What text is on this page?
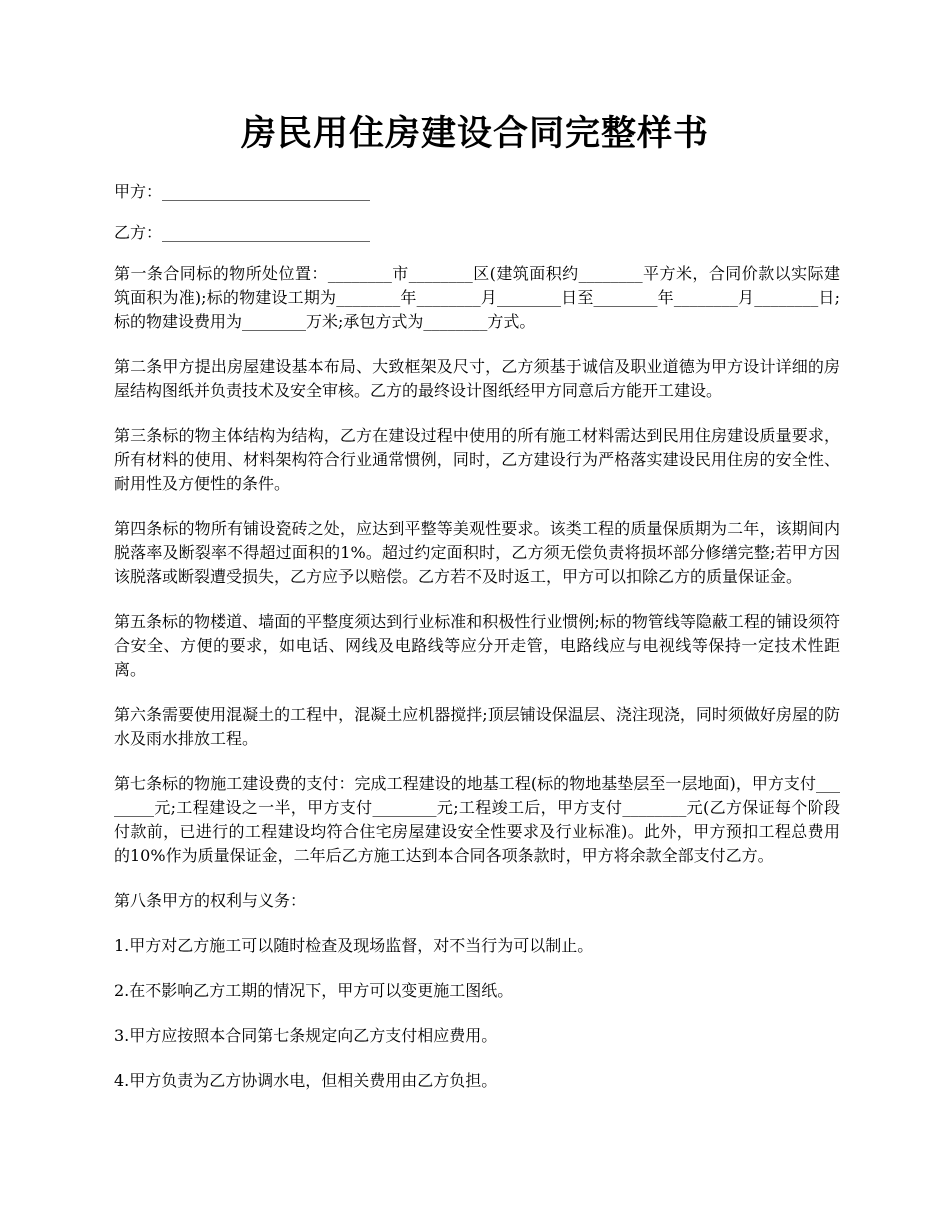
房民用住房建设合同完整样书

甲方：__________________________

乙方：__________________________

第一条合同标的物所处位置：________市________区(建筑面积约________平方米，合同价款以实际建筑面积为准);标的物建设工期为________年________月________日至________年________月________日;标的物建设费用为________万米;承包方式为________方式。

第二条甲方提出房屋建设基本布局、大致框架及尺寸，乙方须基于诚信及职业道德为甲方设计详细的房屋结构图纸并负责技术及安全审核。乙方的最终设计图纸经甲方同意后方能开工建设。

第三条标的物主体结构为结构，乙方在建设过程中使用的所有施工材料需达到民用住房建设质量要求，所有材料的使用、材料架构符合行业通常惯例，同时，乙方建设行为严格落实建设民用住房的安全性、耐用性及方便性的条件。

第四条标的物所有铺设瓷砖之处，应达到平整等美观性要求。该类工程的质量保质期为二年，该期间内脱落率及断裂率不得超过面积的1%。超过约定面积时，乙方须无偿负责将损坏部分修缮完整;若甲方因该脱落或断裂遭受损失，乙方应予以赔偿。乙方若不及时返工，甲方可以扣除乙方的质量保证金。

第五条标的物楼道、墙面的平整度须达到行业标准和积极性行业惯例;标的物管线等隐蔽工程的铺设须符合安全、方便的要求，如电话、网线及电路线等应分开走管，电路线应与电视线等保持一定技术性距离。

第六条需要使用混凝土的工程中，混凝土应机器搅拌;顶层铺设保温层、浇注现浇，同时须做好房屋的防水及雨水排放工程。

第七条标的物施工建设费的支付：完成工程建设的地基工程(标的物地基垫层至一层地面)，甲方支付________元;工程建设之一半，甲方支付________元;工程竣工后，甲方支付________元(乙方保证每个阶段付款前，已进行的工程建设均符合住宅房屋建设安全性要求及行业标准)。此外，甲方预扣工程总费用的10%作为质量保证金，二年后乙方施工达到本合同各项条款时，甲方将余款全部支付乙方。

第八条甲方的权利与义务：

1.甲方对乙方施工可以随时检查及现场监督，对不当行为可以制止。

2.在不影响乙方工期的情况下，甲方可以变更施工图纸。

3.甲方应按照本合同第七条规定向乙方支付相应费用。

4.甲方负责为乙方协调水电，但相关费用由乙方负担。
